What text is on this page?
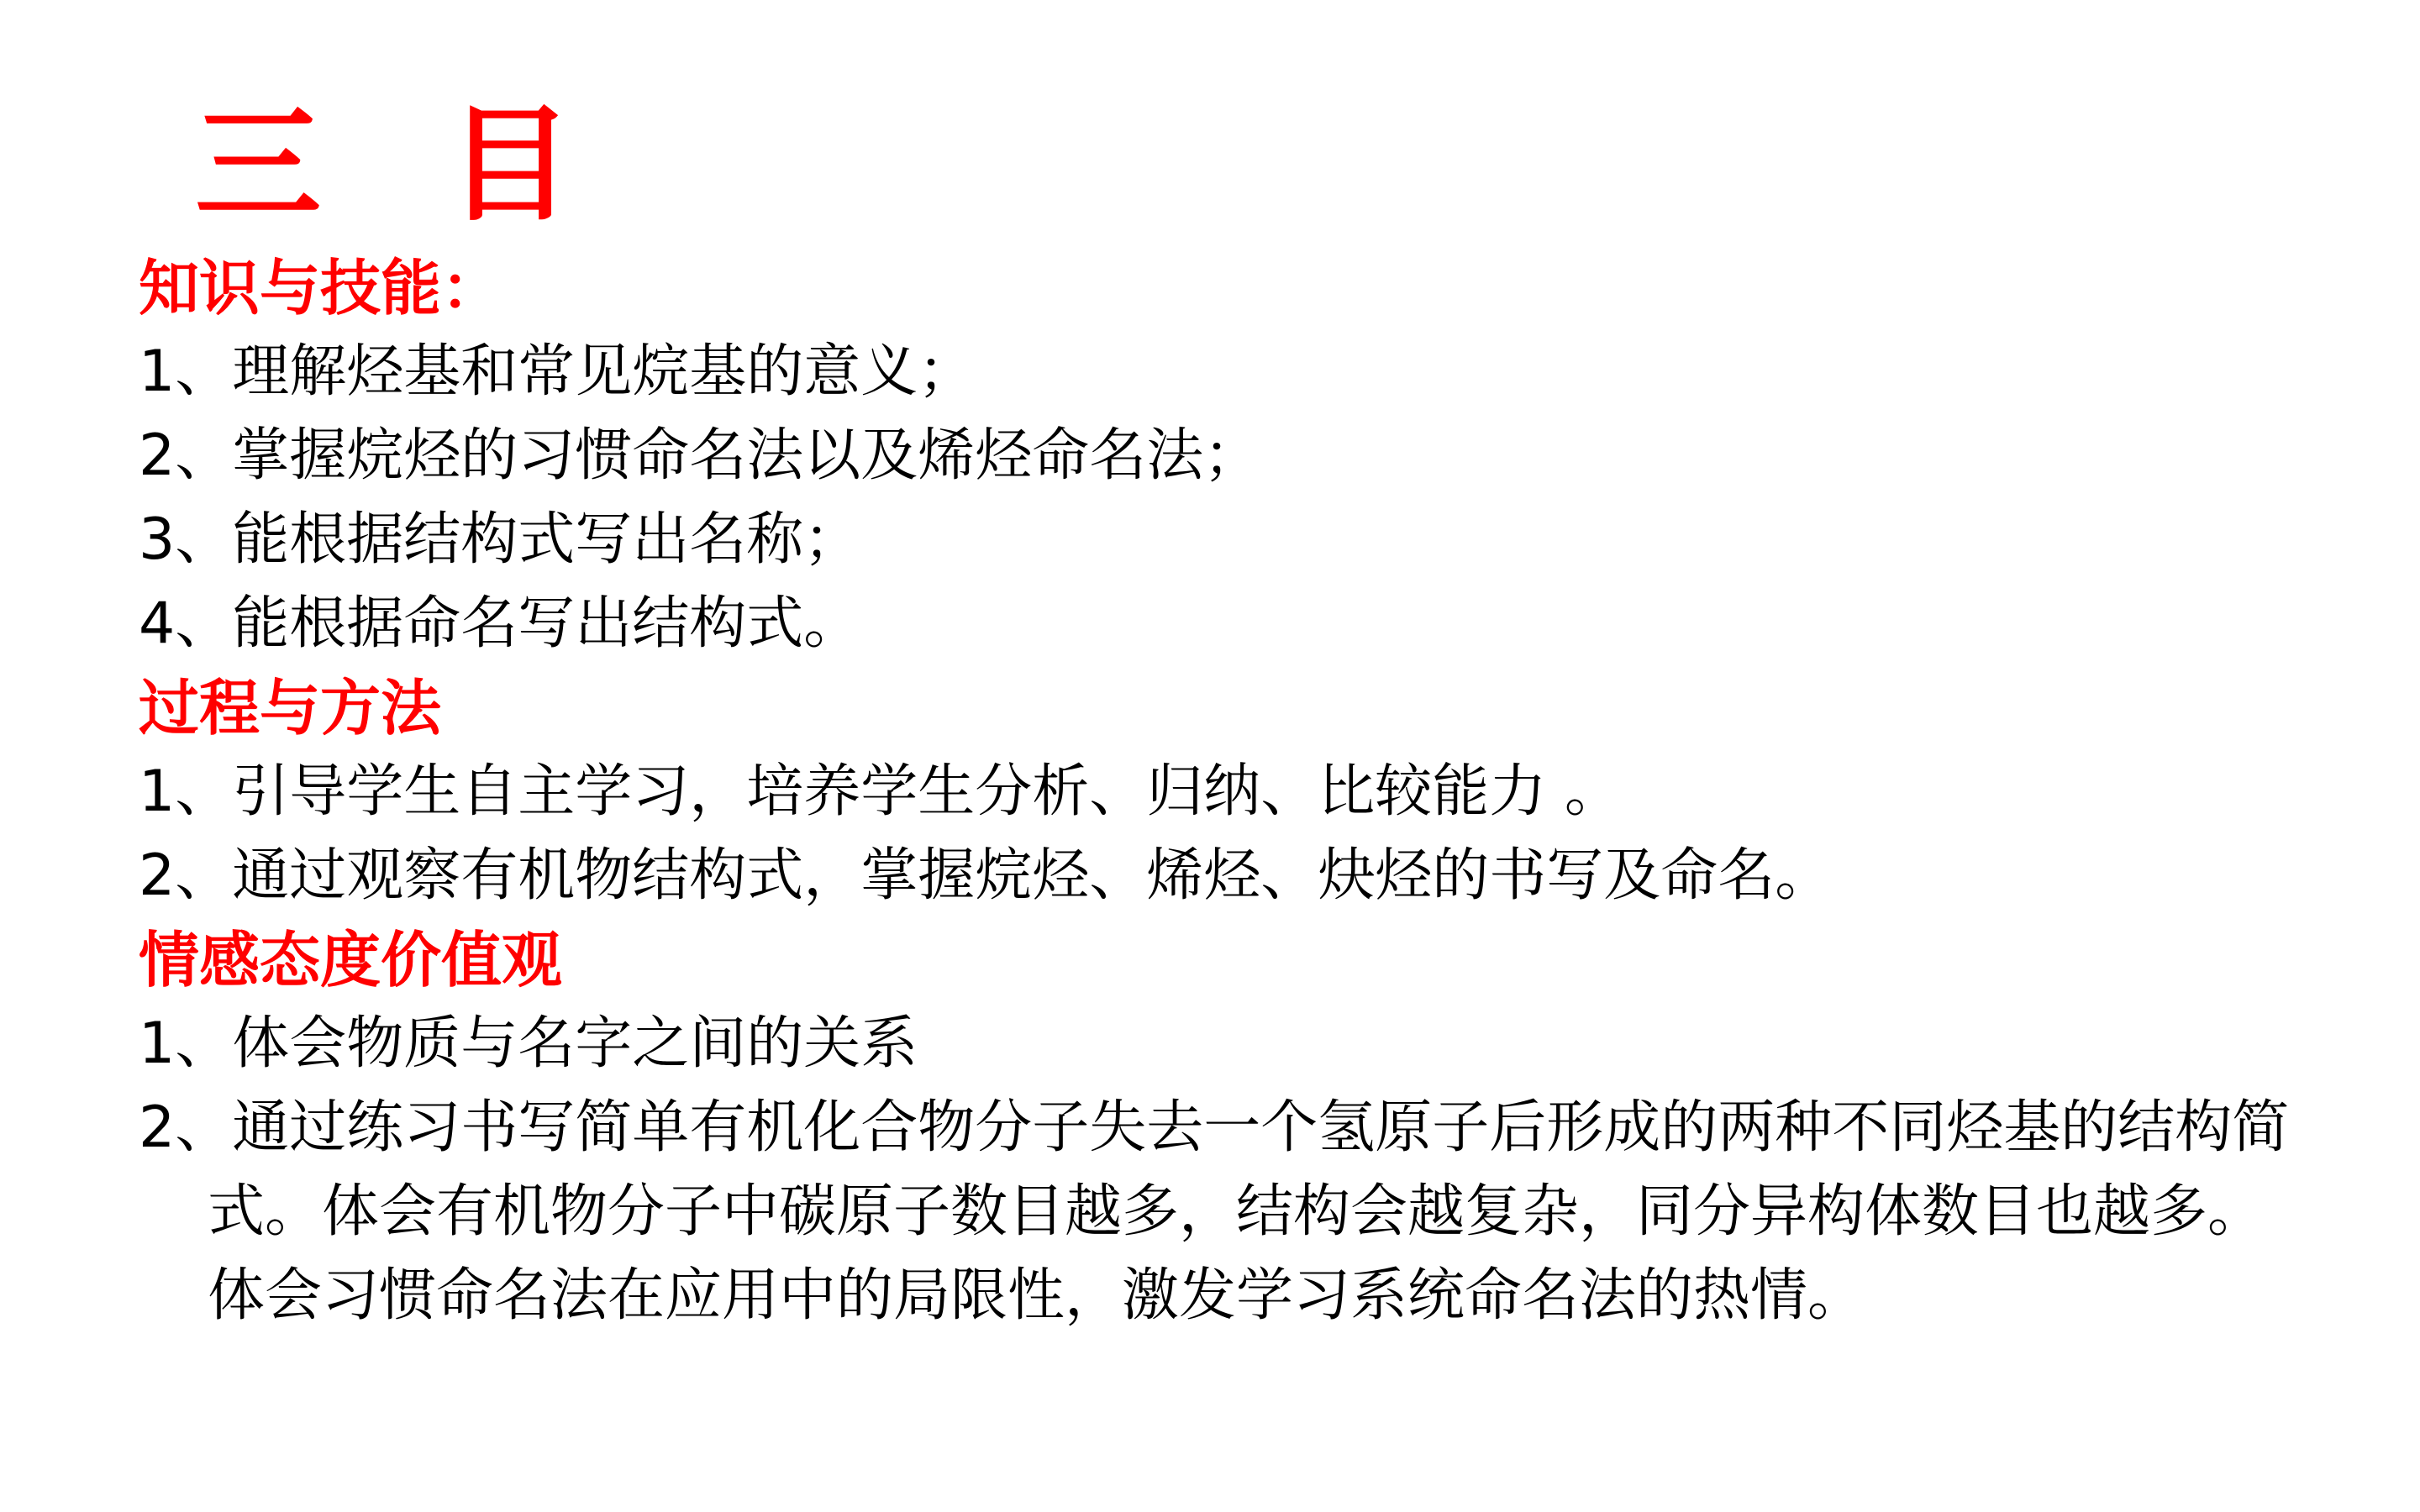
三 目
知识与技能：
1、理解烃基和常见烷基的意义；
2、掌握烷烃的习惯命名法以及烯烃命名法；
3、能根据结构式写出名称；
4、能根据命名写出结构式。
过程与方法
1、引导学生自主学习，培养学生分析、归纳、比较能力 。
2、通过观察有机物结构式，掌握烷烃、烯烃、炔烃的书写及命名。
情感态度价值观
1、体会物质与名字之间的关系
2、通过练习书写简单有机化合物分子失去一个氢原子后形成的两种不同烃基的结构简式。体会有机物分子中碳原子数目越多，结构会越复杂，同分异构体数目也越多。体会习惯命名法在应用中的局限性，激发学习系统命名法的热情。
